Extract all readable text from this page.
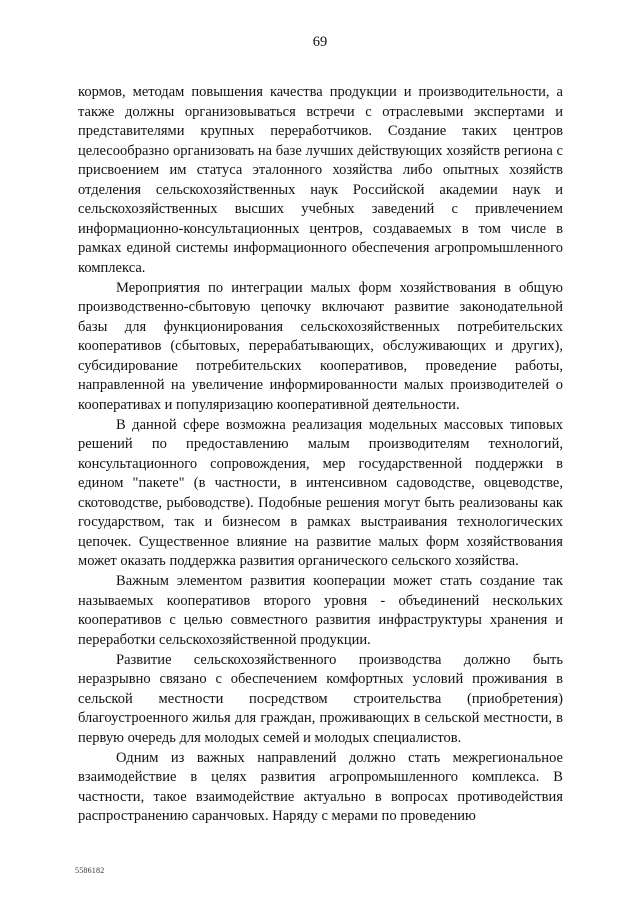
69

кормов, методам повышения качества продукции и производительности, а также должны организовываться встречи с отраслевыми экспертами и представителями крупных переработчиков. Создание таких центров целесообразно организовать на базе лучших действующих хозяйств региона с присвоением им статуса эталонного хозяйства либо опытных хозяйств отделения сельскохозяйственных наук Российской академии наук и сельскохозяйственных высших учебных заведений с привлечением информационно-консультационных центров, создаваемых в том числе в рамках единой системы информационного обеспечения агропромышленного комплекса.

Мероприятия по интеграции малых форм хозяйствования в общую производственно-сбытовую цепочку включают развитие законодательной базы для функционирования сельскохозяйственных потребительских кооперативов (сбытовых, перерабатывающих, обслуживающих и других), субсидирование потребительских кооперативов, проведение работы, направленной на увеличение информированности малых производителей о кооперативах и популяризацию кооперативной деятельности.

В данной сфере возможна реализация модельных массовых типовых решений по предоставлению малым производителям технологий, консультационного сопровождения, мер государственной поддержки в едином "пакете" (в частности, в интенсивном садоводстве, овцеводстве, скотоводстве, рыбоводстве). Подобные решения могут быть реализованы как государством, так и бизнесом в рамках выстраивания технологических цепочек. Существенное влияние на развитие малых форм хозяйствования может оказать поддержка развития органического сельского хозяйства.

Важным элементом развития кооперации может стать создание так называемых кооперативов второго уровня - объединений нескольких кооперативов с целью совместного развития инфраструктуры хранения и переработки сельскохозяйственной продукции.

Развитие сельскохозяйственного производства должно быть неразрывно связано с обеспечением комфортных условий проживания в сельской местности посредством строительства (приобретения) благоустроенного жилья для граждан, проживающих в сельской местности, в первую очередь для молодых семей и молодых специалистов.

Одним из важных направлений должно стать межрегиональное взаимодействие в целях развития агропромышленного комплекса. В частности, такое взаимодействие актуально в вопросах противодействия распространению саранчовых. Наряду с мерами по проведению

5586182
